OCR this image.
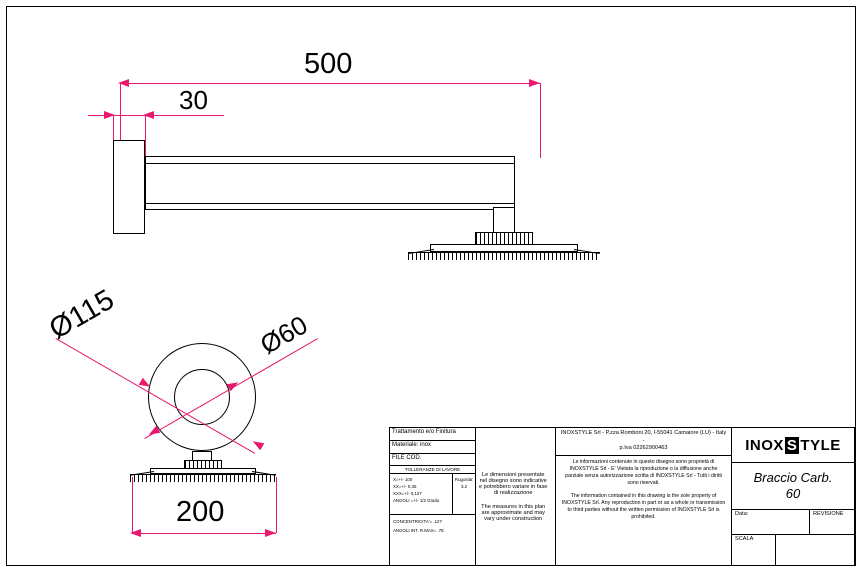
500
30
Ø115	Ø60
200
Trattamento e/o Finitura
Materiale: inox
FILE COD.
TOLLERANZE DI LAVORE
X=+/- 100
XX=+/- 0,35
XXX=+/- 0,127
ANGOLI =+/- 1/2 Grado
Rugosita'
3.2
CONCENTRICITA'= .127
ANGOLI INT. R.MAX= .78
Le dimensioni presentate
nel disegno sono indicative
e potrebbero variare in fase
di realizzazione
The measures in this plan
are approximate and may
vary under construction
INOXSTYLE Srl - P.zza Romboni 20, I-55041 Camaiore (LU) - Italy -
p.Iva 02262900463
Le informazioni contenute in questo disegno sono proprietà di INOXSTYLE Srl - E' Vietata la riproduzione o la diffusione anche parziale senza autorizzazione scritta di INOXSTYLE Srl - Tutti i diritti sono riservati.
The information contained in this drawing is the sole property of INOXSTYLE Srl. Any reproduction in part or as a whole or transmission to third parties without the written permission of INOXSTYLE Srl is prohibited.
INOX S TYLE
Braccio Carb.
60
Data:	REVISIONE
SCALA
